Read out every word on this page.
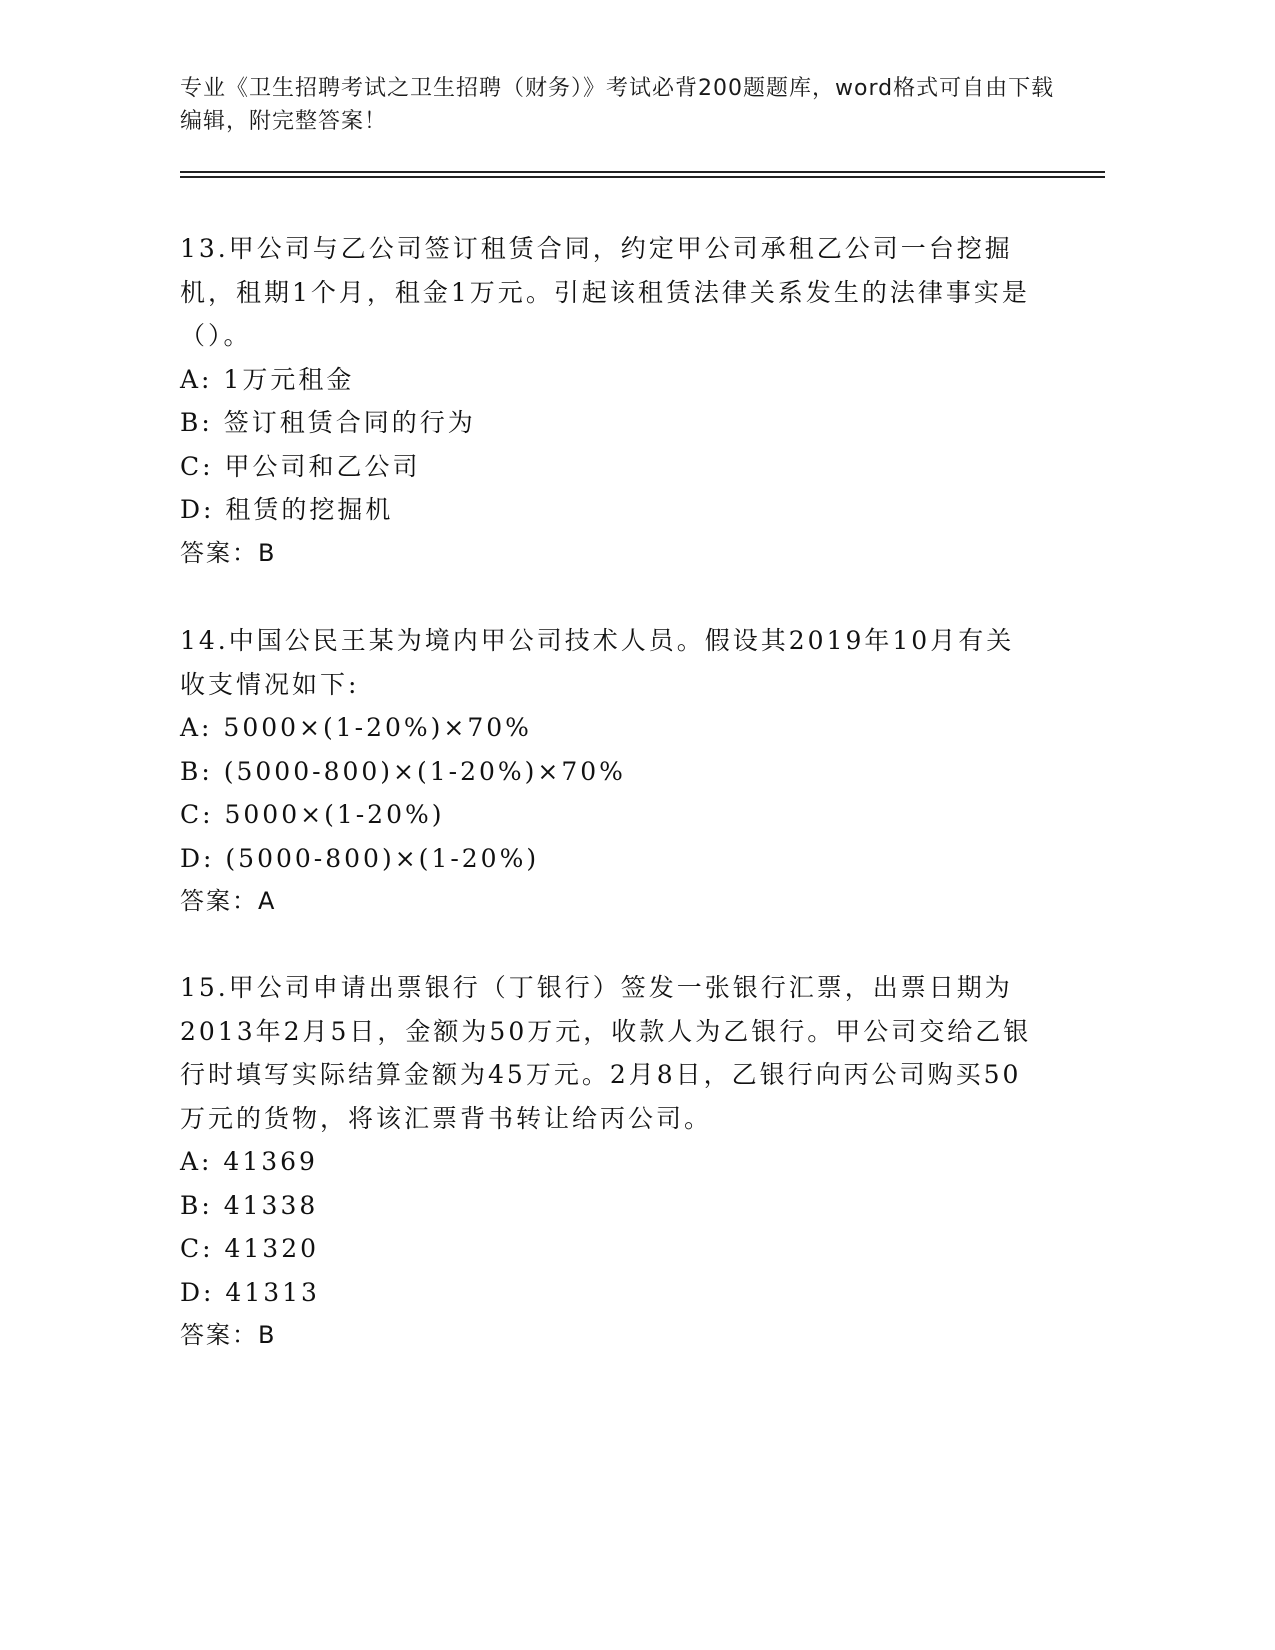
专业《卫生招聘考试之卫生招聘（财务）》考试必背200题题库，word格式可自由下载编辑，附完整答案！

13.甲公司与乙公司签订租赁合同，约定甲公司承租乙公司一台挖掘机，租期1个月，租金1万元。引起该租赁法律关系发生的法律事实是（）。

A: 1万元租金

B: 签订租赁合同的行为

C: 甲公司和乙公司

D: 租赁的挖掘机

答案：B

14.中国公民王某为境内甲公司技术人员。假设其2019年10月有关收支情况如下:

A: 5000×(1-20%)×70%

B: (5000-800)×(1-20%)×70%

C: 5000×(1-20%)

D: (5000-800)×(1-20%)

答案：A

15.甲公司申请出票银行（丁银行）签发一张银行汇票，出票日期为2013年2月5日，金额为50万元，收款人为乙银行。甲公司交给乙银行时填写实际结算金额为45万元。2月8日，乙银行向丙公司购买50万元的货物，将该汇票背书转让给丙公司。

A: 41369

B: 41338

C: 41320

D: 41313

答案：B
